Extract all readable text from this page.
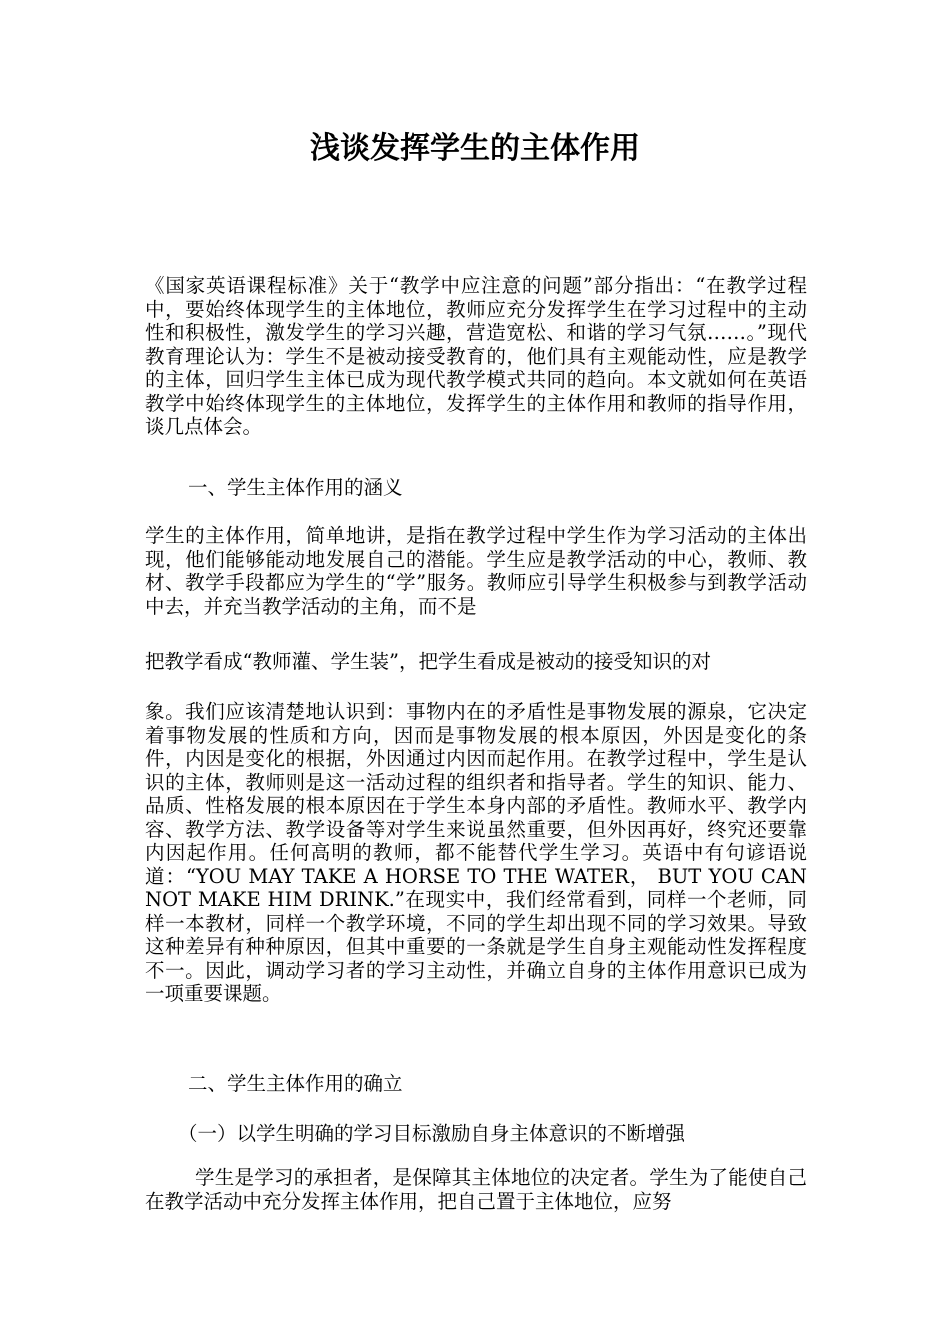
浅谈发挥学生的主体作用

《国家英语课程标准》关于“教学中应注意的问题”部分指出：“在教学过程中，要始终体现学生的主体地位，教师应充分发挥学生在学习过程中的主动性和积极性，激发学生的学习兴趣，营造宽松、和谐的学习气氛……。”现代教育理论认为：学生不是被动接受教育的，他们具有主观能动性，应是教学的主体，回归学生主体已成为现代教学模式共同的趋向。本文就如何在英语教学中始终体现学生的主体地位，发挥学生的主体作用和教师的指导作用，谈几点体会。

一、学生主体作用的涵义

学生的主体作用，简单地讲，是指在教学过程中学生作为学习活动的主体出现，他们能够能动地发展自己的潜能。学生应是教学活动的中心，教师、教材、教学手段都应为学生的“学”服务。教师应引导学生积极参与到教学活动中去，并充当教学活动的主角，而不是

把教学看成“教师灌、学生装”，把学生看成是被动的接受知识的对

象。我们应该清楚地认识到：事物内在的矛盾性是事物发展的源泉，它决定着事物发展的性质和方向，因而是事物发展的根本原因，外因是变化的条件，内因是变化的根据，外因通过内因而起作用。在教学过程中，学生是认识的主体，教师则是这一活动过程的组织者和指导者。学生的知识、能力、品质、性格发展的根本原因在于学生本身内部的矛盾性。教师水平、教学内容、教学方法、教学设备等对学生来说虽然重要，但外因再好，终究还要靠内因起作用。任何高明的教师，都不能替代学生学习。英语中有句谚语说道：“YOU MAY TAKE A HORSE TO THE WATER， BUT YOU CAN NOT MAKE HIM DRINK.”在现实中，我们经常看到，同样一个老师，同样一本教材，同样一个教学环境，不同的学生却出现不同的学习效果。导致这种差异有种种原因，但其中重要的一条就是学生自身主观能动性发挥程度不一。因此，调动学习者的学习主动性，并确立自身的主体作用意识已成为一项重要课题。

二、学生主体作用的确立

（一）以学生明确的学习目标激励自身主体意识的不断增强

学生是学习的承担者，是保障其主体地位的决定者。学生为了能使自己在教学活动中充分发挥主体作用，把自己置于主体地位，应努
